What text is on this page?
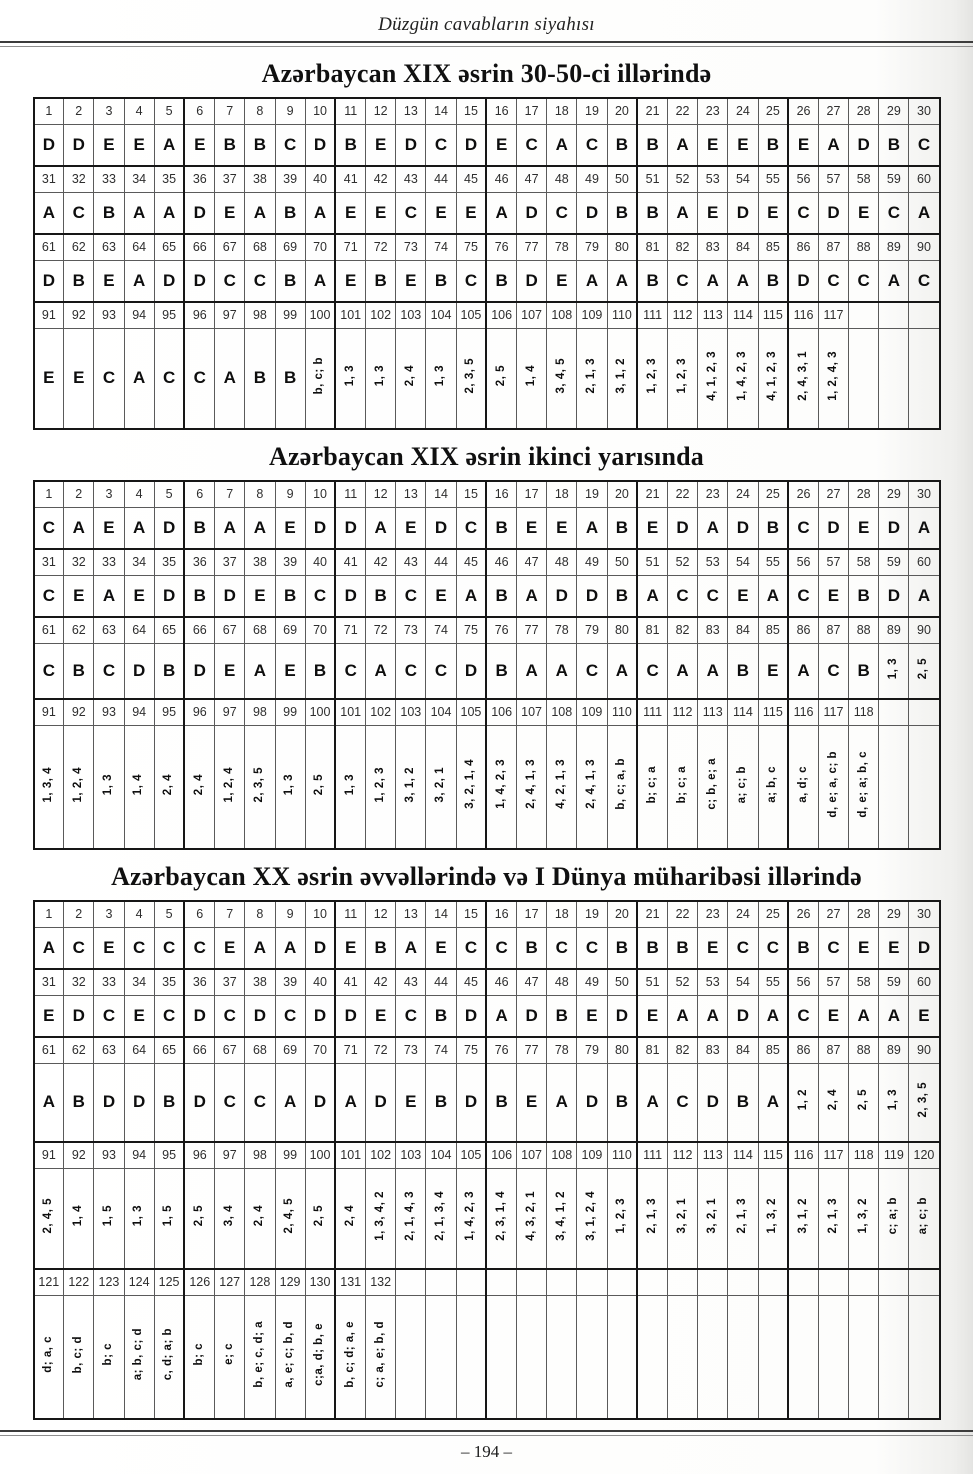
Düzgün cavabların siyahısı
Azərbaycan XIX əsrin 30-50-ci illərində
1	2	3	4	5	6	7	8	9	10	11	12	13	14	15	16	17	18	19	20	21	22	23	24	25	26	27	28	29	30
D	D	E	E	A	E	B	B	C	D	B	E	D	C	D	E	C	A	C	B	B	A	E	E	B	E	A	D	B	C
31	32	33	34	35	36	37	38	39	40	41	42	43	44	45	46	47	48	49	50	51	52	53	54	55	56	57	58	59	60
A	C	B	A	A	D	E	A	B	A	E	E	C	E	E	A	D	C	D	B	B	A	E	D	E	C	D	E	C	A
61	62	63	64	65	66	67	68	69	70	71	72	73	74	75	76	77	78	79	80	81	82	83	84	85	86	87	88	89	90
D	B	E	A	D	D	C	C	B	A	E	B	E	B	C	B	D	E	A	A	B	C	A	A	B	D	C	C	A	C
91	92	93	94	95	96	97	98	99	100	101	102	103	104	105	106	107	108	109	110	111	112	113	114	115	116	117			
E	E	C	A	C	C	A	B	B	b, c; b	1, 3	1, 3	2, 4	1, 3	2, 3, 5	2, 5	1, 4	3, 4, 5	2, 1, 3	3, 1, 2	1, 2, 3	1, 2, 3	4, 1, 2, 3	1, 4, 2, 3	4, 1, 2, 3	2, 4, 3, 1	1, 2, 4, 3			
Azərbaycan XIX əsrin ikinci yarısında
1	2	3	4	5	6	7	8	9	10	11	12	13	14	15	16	17	18	19	20	21	22	23	24	25	26	27	28	29	30
C	A	E	A	D	B	A	A	E	D	D	A	E	D	C	B	E	E	A	B	E	D	A	D	B	C	D	E	D	A
31	32	33	34	35	36	37	38	39	40	41	42	43	44	45	46	47	48	49	50	51	52	53	54	55	56	57	58	59	60
C	E	A	E	D	B	D	E	B	C	D	B	C	E	A	B	A	D	D	B	A	C	C	E	A	C	E	B	D	A
61	62	63	64	65	66	67	68	69	70	71	72	73	74	75	76	77	78	79	80	81	82	83	84	85	86	87	88	89	90
C	B	C	D	B	D	E	A	E	B	C	A	C	C	D	B	A	A	C	A	C	A	A	B	E	A	C	B	1, 3	2, 5
91	92	93	94	95	96	97	98	99	100	101	102	103	104	105	106	107	108	109	110	111	112	113	114	115	116	117	118		
1, 3, 4	1, 2, 4	1, 3	1, 4	2, 4	2, 4	1, 2, 4	2, 3, 5	1, 3	2, 5	1, 3	1, 2, 3	3, 1, 2	3, 2, 1	3, 2, 1, 4	1, 4, 2, 3	2, 4, 1, 3	4, 2, 1, 3	2, 4, 1, 3	b, c; a, b	b; c; a	b; c; a	c; b, e; a	a; c; b	a; b, c	a, d; c	d, e; a, c; b	d, e; a; b, c		
Azərbaycan XX əsrin əvvəllərində və I Dünya müharibəsi illərində
1	2	3	4	5	6	7	8	9	10	11	12	13	14	15	16	17	18	19	20	21	22	23	24	25	26	27	28	29	30
A	C	E	C	C	C	E	A	A	D	E	B	A	E	C	C	B	C	C	B	B	B	E	C	C	B	C	E	E	D
31	32	33	34	35	36	37	38	39	40	41	42	43	44	45	46	47	48	49	50	51	52	53	54	55	56	57	58	59	60
E	D	C	E	C	D	C	D	C	D	D	E	C	B	D	A	D	B	E	D	E	A	A	D	A	C	E	A	A	E
61	62	63	64	65	66	67	68	69	70	71	72	73	74	75	76	77	78	79	80	81	82	83	84	85	86	87	88	89	90
A	B	D	D	B	D	C	C	A	D	A	D	E	B	D	B	E	A	D	B	A	C	D	B	A	1, 2	2, 4	2, 5	1, 3	2, 3, 5
91	92	93	94	95	96	97	98	99	100	101	102	103	104	105	106	107	108	109	110	111	112	113	114	115	116	117	118	119	120
2, 4, 5	1, 4	1, 5	1, 3	1, 5	2, 5	3, 4	2, 4	2, 4, 5	2, 5	2, 4	1, 3, 4, 2	2, 1, 4, 3	2, 1, 3, 4	1, 4, 2, 3	2, 3, 1, 4	4, 3, 2, 1	3, 4, 1, 2	3, 1, 2, 4	1, 2, 3	2, 1, 3	3, 2, 1	3, 2, 1	2, 1, 3	1, 3, 2	3, 1, 2	2, 1, 3	1, 3, 2	c; a; b	a; c; b
121	122	123	124	125	126	127	128	129	130	131	132																		
d; a, c	b, c; d	b; c	a; b, c; d	c, d; a; b	b; c	e; c	b, e; c, d; a	a, e; c; b, d	c;a, d; b, e	b, c; d; a, e	c; a, e; b, d																		
– 194 –
